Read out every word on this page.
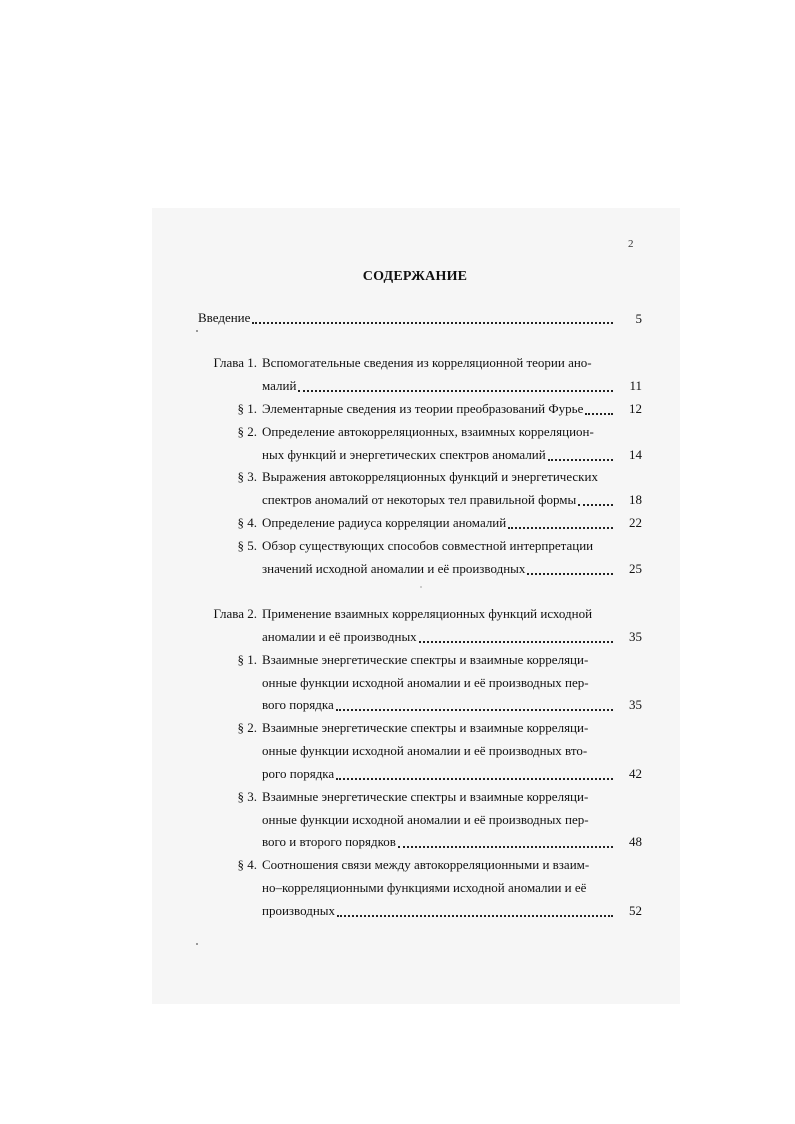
2
СОДЕРЖАНИЕ
Введение	5
Глава 1. Вспомогательные сведения из корреляционной теории ано-
малий	11
§ 1. Элементарные сведения из теории преобразований Фурье	12
§ 2. Определение автокорреляционных, взаимных корреляцион-
ных функций и энергетических спектров аномалий	14
§ 3. Выражения автокорреляционных функций и энергетических
спектров аномалий от некоторых тел правильной формы	18
§ 4. Определение радиуса корреляции аномалий	22
§ 5. Обзор существующих способов совместной интерпретации
значений исходной аномалии и её производных	25
Глава 2. Применение взаимных корреляционных функций исходной
аномалии и её производных	35
§ 1. Взаимные энергетические спектры и взаимные корреляци-
онные функции исходной аномалии и её производных пер-
вого порядка	35
§ 2. Взаимные энергетические спектры и взаимные корреляци-
онные функции исходной аномалии и её производных вто-
рого порядка	42
§ 3. Взаимные энергетические спектры и взаимные корреляци-
онные функции исходной аномалии и её производных пер-
вого и второго порядков	48
§ 4. Соотношения связи между автокорреляционными и взаим-
но–корреляционными функциями исходной аномалии и её
производных	52
